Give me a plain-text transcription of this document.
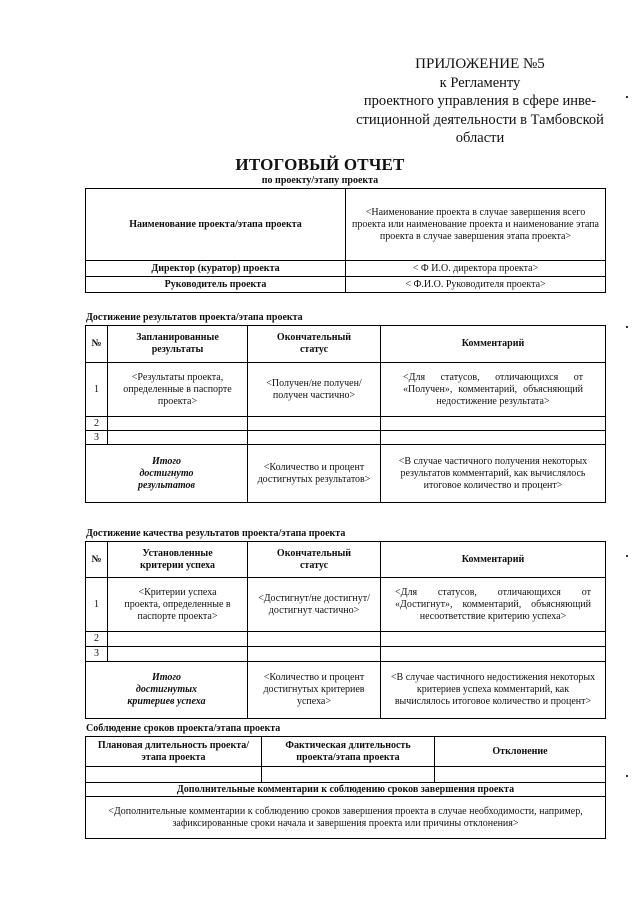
ПРИЛОЖЕНИЕ №5
к Регламенту
проектного управления в сфере инве-
стиционной деятельности в Тамбовской
области
ИТОГОВЫЙ ОТЧЕТ
по проекту/этапу проекта
Наименование проекта/этапа проекта	<Наименование проекта в случае завершения всего проекта или наименование проекта и наименование этапа проекта в случае завершения этапа проекта>
Директор (куратор) проекта	< Ф И.О. директора проекта>
Руководитель проекта	< Ф.И.О. Руководителя проекта>
Достижение результатов проекта/этапа проекта
№	Запланированные результаты	Окончательный статус	Комментарий
1	<Результаты проекта, определенные в паспорте проекта>	<Получен/не получен/получен частично>	<Для статусов, отличающихся от «Получен», комментарий, объясняющий недостижение результата>
2			
3			
Итого достигнуто результатов		<Количество и процент достигнутых результатов>	<В случае частичного получения некоторых результатов комментарий, как вычислялось итоговое количество и процент>
Достижение качества результатов проекта/этапа проекта
№	Установленные критерии успеха	Окончательный статус	Комментарий
1	<Критерии успеха проекта, определенные в паспорте проекта>	<Достигнут/не достигнут/достигнут частично>	<Для статусов, отличающихся от «Достигнут», комментарий, объясняющий несоответствие критерию успеха>
2			
3			
Итого достигнутых критериев успеха		<Количество и процент достигнутых критериев успеха>	<В случае частичного недостижения некоторых критериев успеха комментарий, как вычислялось итоговое количество и процент>
Соблюдение сроков проекта/этапа проекта
Плановая длительность проекта/этапа проекта	Фактическая длительность проекта/этапа проекта	Отклонение

Дополнительные комментарии к соблюдению сроков завершения проекта		
<Дополнительные комментарии к соблюдению сроков завершения проекта в случае необходимости, например, зафиксированные сроки начала и завершения проекта или причины отклонения>		
